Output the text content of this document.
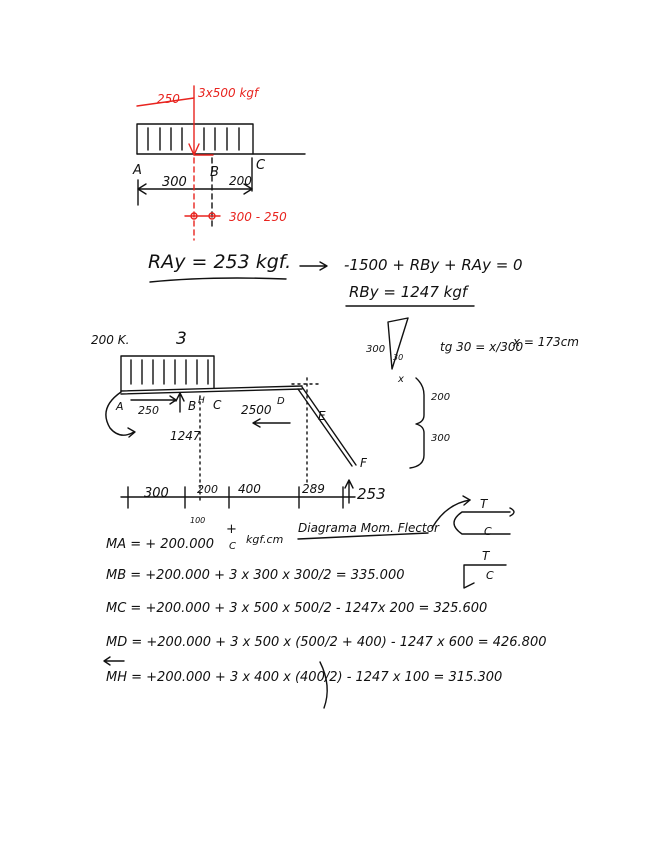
250 3x500 kgf
A	B	C
300	200
300 - 250
RAy = 253 kgf.	-1500 + RBy + RAy = 0
RBy = 1247 kgf
200 K.	3
A 250 B H C 2500
D
E
F
1247
300	200 400	289 253
100
200
300
300
30
x
tg 30 = x/300
x = 173cm
+
C
kgf.cm
Diagrama Mom. Flector
T
C
T
C
MA = + 200.000
MB = +200.000 + 3 x 300 x 300/2 = 335.000
MC = +200.000 + 3 x 500 x 500/2 - 1247x 200 = 325.600
MD = +200.000 + 3 x 500 x (500/2 + 400) - 1247 x 600 = 426.800
MH = +200.000 + 3 x 400 x (400/2) - 1247 x 100 = 315.300
